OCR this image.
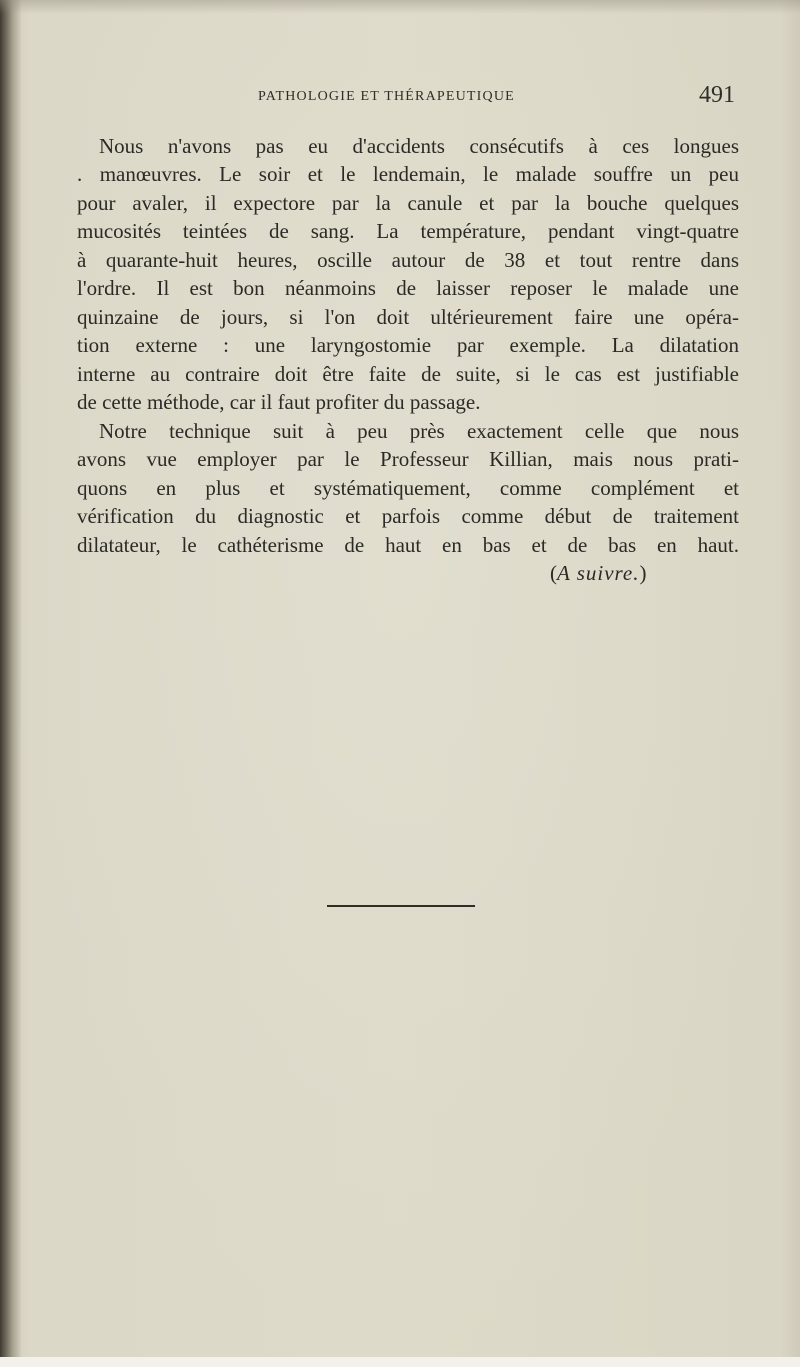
PATHOLOGIE ET THÉRAPEUTIQUE	491
Nous n'avons pas eu d'accidents consécutifs à ces longues
. manœuvres. Le soir et le lendemain, le malade souffre un peu
pour avaler, il expectore par la canule et par la bouche quelques
mucosités teintées de sang. La température, pendant vingt-quatre
à quarante-huit heures, oscille autour de 38 et tout rentre dans
l'ordre. Il est bon néanmoins de laisser reposer le malade une
quinzaine de jours, si l'on doit ultérieurement faire une opéra-
tion externe : une laryngostomie par exemple. La dilatation
interne au contraire doit être faite de suite, si le cas est justifiable
de cette méthode, car il faut profiter du passage.
Notre technique suit à peu près exactement celle que nous
avons vue employer par le Professeur Killian, mais nous prati-
quons en plus et systématiquement, comme complément et
vérification du diagnostic et parfois comme début de traitement
dilatateur, le cathéterisme de haut en bas et de bas en haut.
(A suivre.)
